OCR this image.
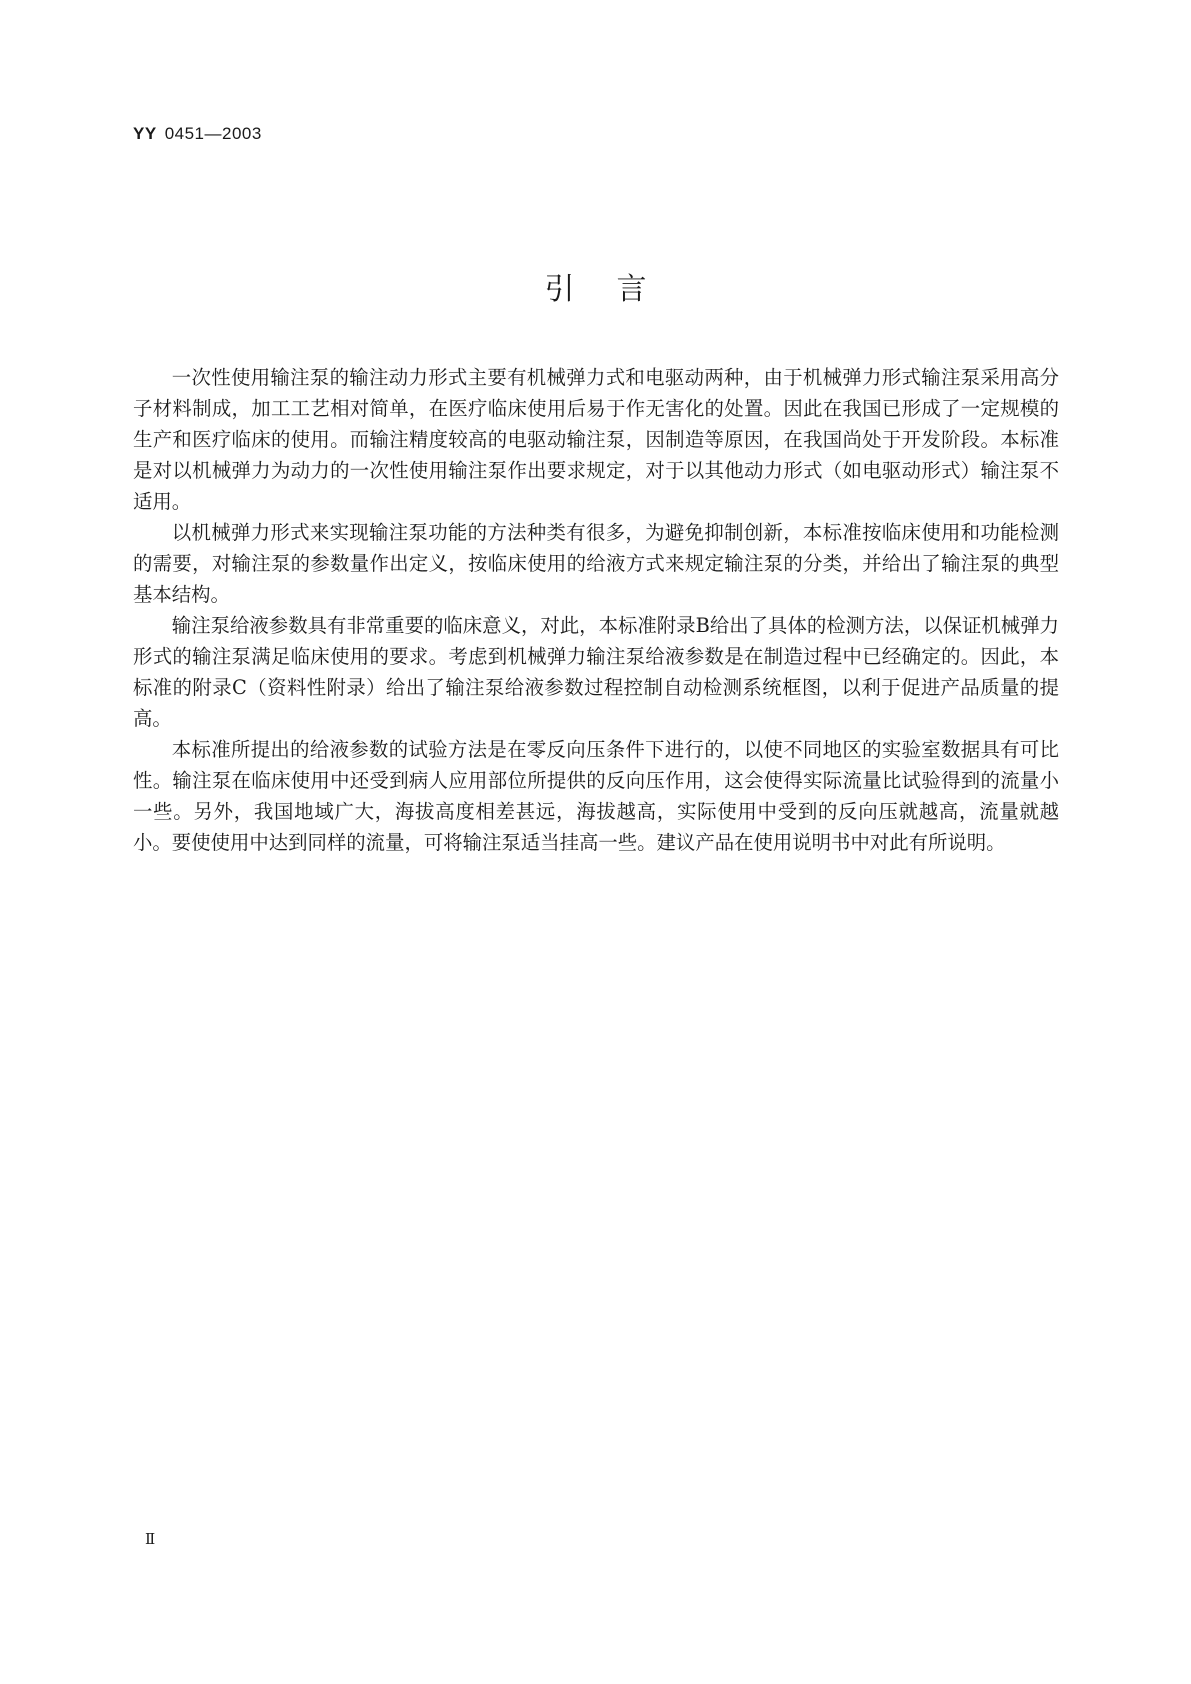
YY 0451—2003
引言

一次性使用输注泵的输注动力形式主要有机械弹力式和电驱动两种，由于机械弹力形式输注泵采用高分子材料制成，加工工艺相对简单，在医疗临床使用后易于作无害化的处置。因此在我国已形成了一定规模的生产和医疗临床的使用。而输注精度较高的电驱动输注泵，因制造等原因，在我国尚处于开发阶段。本标准是对以机械弹力为动力的一次性使用输注泵作出要求规定，对于以其他动力形式（如电驱动形式）输注泵不适用。

以机械弹力形式来实现输注泵功能的方法种类有很多，为避免抑制创新，本标准按临床使用和功能检测的需要，对输注泵的参数量作出定义，按临床使用的给液方式来规定输注泵的分类，并给出了输注泵的典型基本结构。

输注泵给液参数具有非常重要的临床意义，对此，本标准附录B给出了具体的检测方法，以保证机械弹力形式的输注泵满足临床使用的要求。考虑到机械弹力输注泵给液参数是在制造过程中已经确定的。因此，本标准的附录C（资料性附录）给出了输注泵给液参数过程控制自动检测系统框图，以利于促进产品质量的提高。

本标准所提出的给液参数的试验方法是在零反向压条件下进行的，以使不同地区的实验室数据具有可比性。输注泵在临床使用中还受到病人应用部位所提供的反向压作用，这会使得实际流量比试验得到的流量小一些。另外，我国地域广大，海拔高度相差甚远，海拔越高，实际使用中受到的反向压就越高，流量就越小。要使使用中达到同样的流量，可将输注泵适当挂高一些。建议产品在使用说明书中对此有所说明。

Ⅱ
